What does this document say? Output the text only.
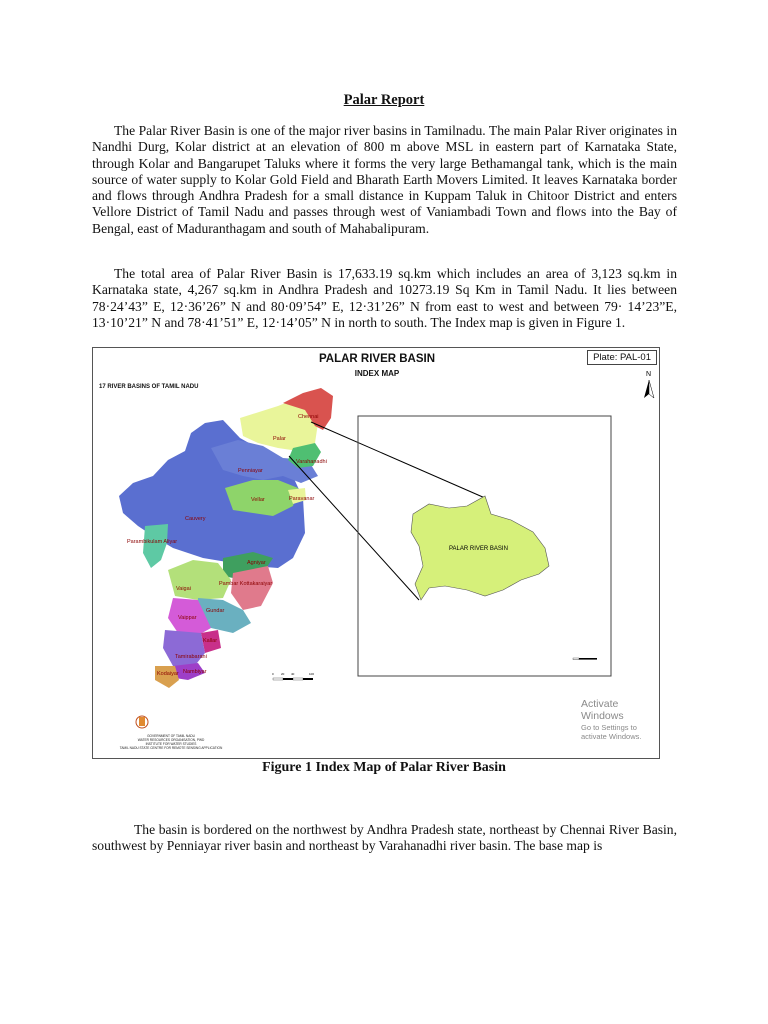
Palar Report

The Palar River Basin is one of the major river basins in Tamilnadu. The main Palar River originates in Nandhi Durg, Kolar district at an elevation of 800 m above MSL in eastern part of Karnataka State, through Kolar and Bangarupet Taluks where it forms the very large Bethamangal tank, which is the main source of water supply to Kolar Gold Field and Bharath Earth Movers Limited. It leaves Karnataka border and flows through Andhra Pradesh for a small distance in Kuppam Taluk in Chitoor District and enters Vellore District of Tamil Nadu and passes through west of Vaniambadi Town and flows into the Bay of Bengal, east of Maduranthagam and south of Mahabalipuram.

The total area of Palar River Basin is 17,633.19 sq.km which includes an area of 3,123 sq.km in Karnataka state, 4,267 sq.km in Andhra Pradesh and 10273.19 Sq Km in Tamil Nadu. It lies between 78·24’43” E, 12·36’26” N and 80·09’54” E, 12·31’26” N from east to west and between 79· 14’23”E, 13·10’21” N and 78·41’51” E, 12·14’05” N in north to south. The Index map is given in Figure 1.

PALAR RIVER BASIN
INDEX MAP
Plate: PAL-01
17 RIVER BASINS OF TAMIL NADU
Chennai
Palar
Varahanadhi
Penniayar
Paravanar
Vellar
Cauvery
Parambikulam Aliyar
Agniyar
Pambar Kottakaraiyar
Vaigai
Gundar
Vaippar
Kallar
Tamirabarani
Nambiyar
Kodaiyar	0 20 40	100
PALAR RIVER BASIN
N
GOVERNMENT OF TAMIL NADU
WATER RESOURCES ORGANISATION, PWD
INSTITUTE FOR WATER STUDIES
TAMIL NADU STATE CENTRE FOR REMOTE SENSING APPLICATION
Activate Windows
Go to Settings to activate Windows.
Figure 1 Index Map of Palar River Basin

The basin is bordered on the northwest by Andhra Pradesh state, northeast by Chennai River Basin, southwest by Penniayar river basin and northeast by Varahanadhi river basin. The base map is
